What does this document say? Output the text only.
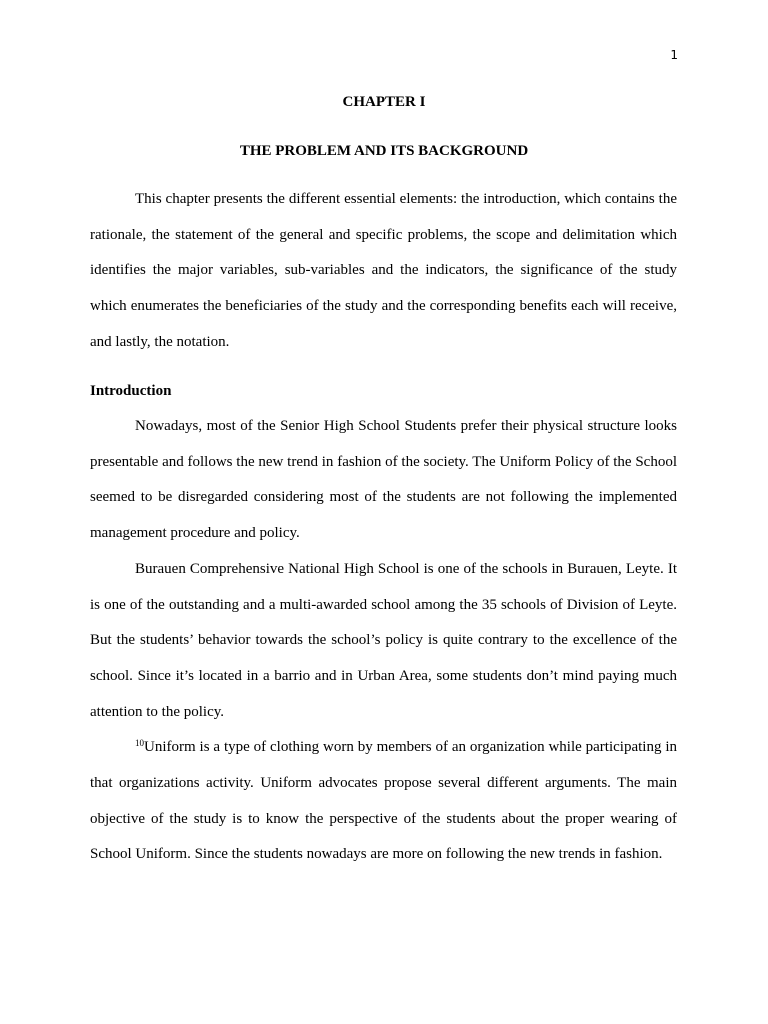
1
CHAPTER I
THE PROBLEM AND ITS BACKGROUND

This chapter presents the different essential elements: the introduction, which contains the rationale, the statement of the general and specific problems, the scope and delimitation which identifies the major variables, sub-variables and the indicators, the significance of the study which enumerates the beneficiaries of the study and the corresponding benefits each will receive, and lastly, the notation.

Introduction

Nowadays, most of the Senior High School Students prefer their physical structure looks presentable and follows the new trend in fashion of the society. The Uniform Policy of the School seemed to be disregarded considering most of the students are not following the implemented management procedure and policy.

Burauen Comprehensive National High School is one of the schools in Burauen, Leyte. It is one of the outstanding and a multi-awarded school among the 35 schools of Division of Leyte. But the students’ behavior towards the school’s policy is quite contrary to the excellence of the school. Since it’s located in a barrio and in Urban Area, some students don’t mind paying much attention to the policy.

$^{10}$Uniform is a type of clothing worn by members of an organization while participating in that organizations activity. Uniform advocates propose several different arguments. The main objective of the study is to know the perspective of the students about the proper wearing of School Uniform. Since the students nowadays are more on following the new trends in fashion.
